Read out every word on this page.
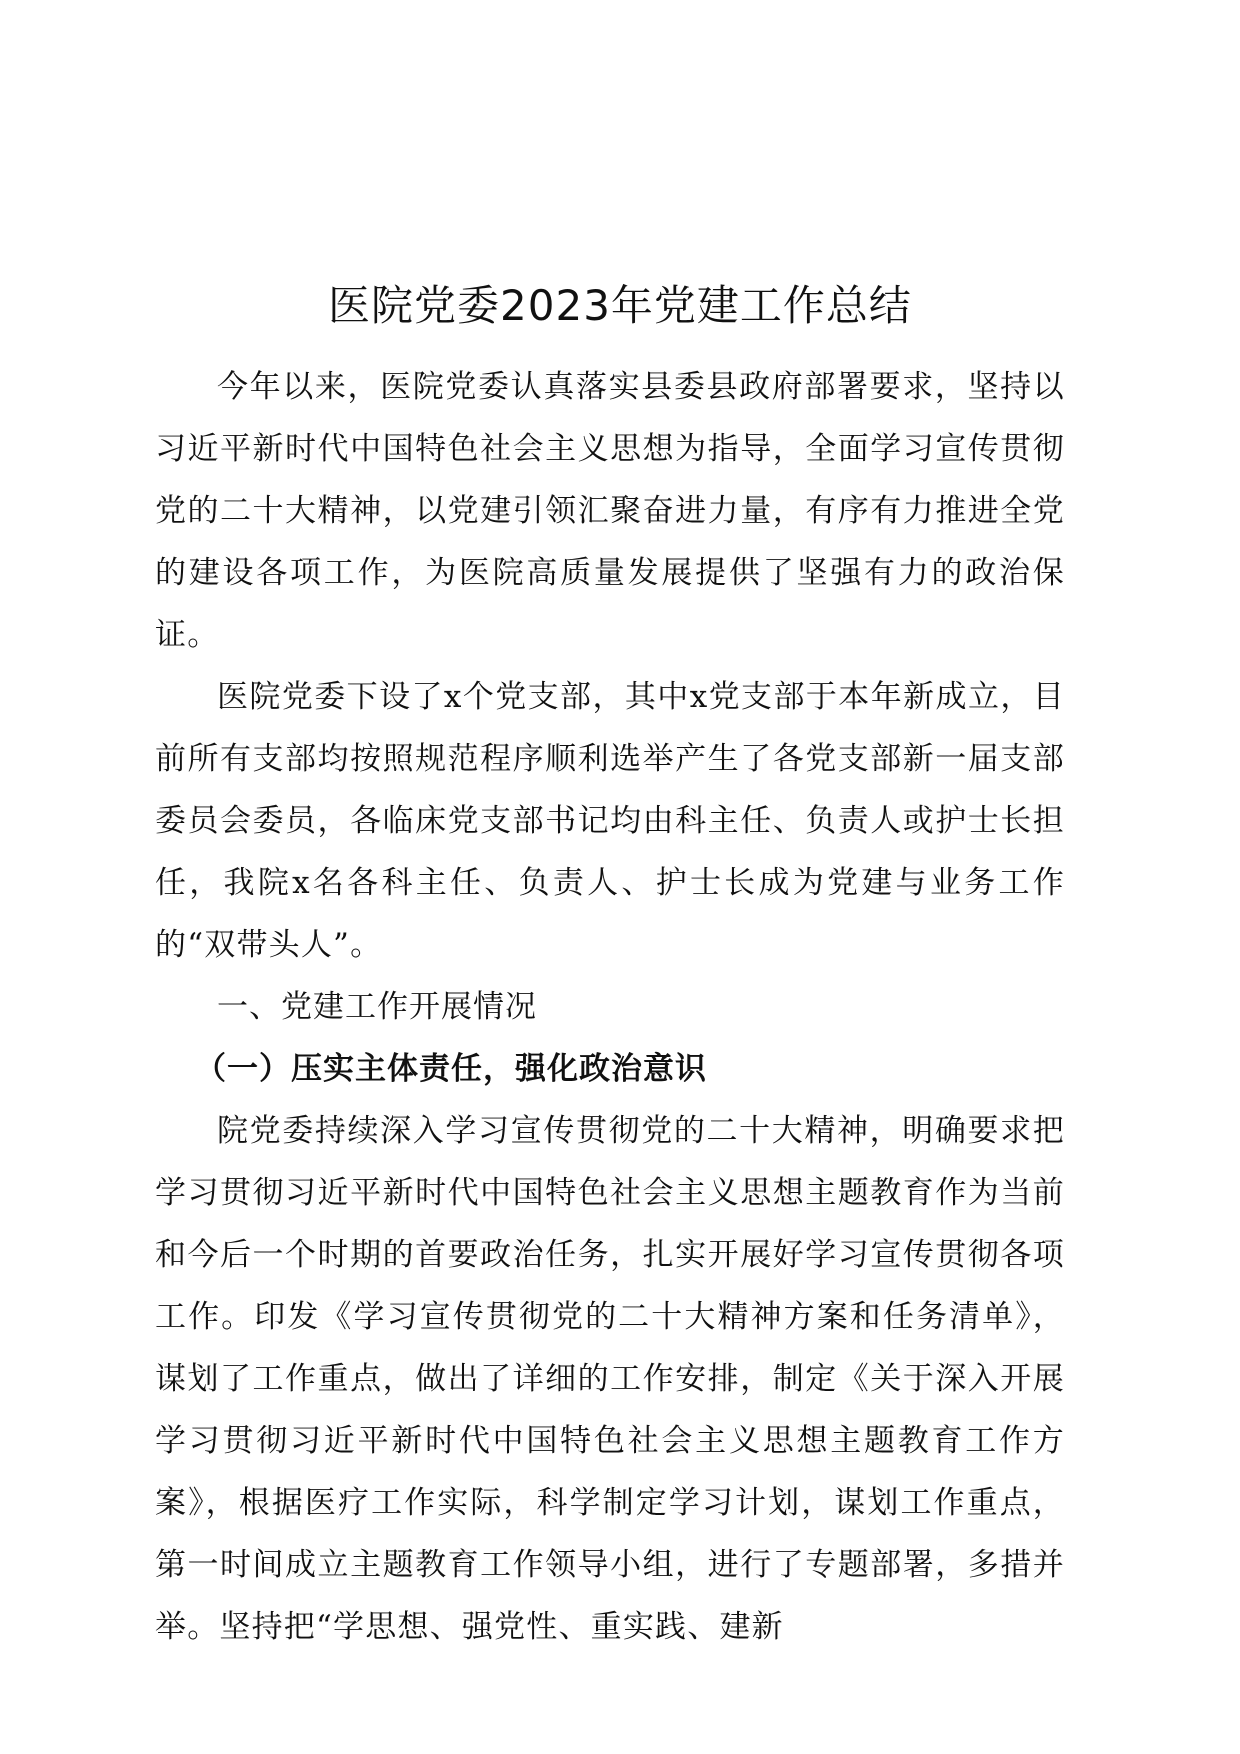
医院党委2023年党建工作总结

今年以来，医院党委认真落实县委县政府部署要求，坚持以习近平新时代中国特色社会主义思想为指导，全面学习宣传贯彻党的二十大精神，以党建引领汇聚奋进力量，有序有力推进全党的建设各项工作，为医院高质量发展提供了坚强有力的政治保证。

医院党委下设了x个党支部，其中x党支部于本年新成立，目前所有支部均按照规范程序顺利选举产生了各党支部新一届支部委员会委员，各临床党支部书记均由科主任、负责人或护士长担任，我院x名各科主任、负责人、护士长成为党建与业务工作的“双带头人”。

一、党建工作开展情况

（一）压实主体责任，强化政治意识

院党委持续深入学习宣传贯彻党的二十大精神，明确要求把学习贯彻习近平新时代中国特色社会主义思想主题教育作为当前和今后一个时期的首要政治任务，扎实开展好学习宣传贯彻各项工作。印发《学习宣传贯彻党的二十大精神方案和任务清单》，谋划了工作重点，做出了详细的工作安排，制定《关于深入开展学习贯彻习近平新时代中国特色社会主义思想主题教育工作方案》，根据医疗工作实际，科学制定学习计划，谋划工作重点，第一时间成立主题教育工作领导小组，进行了专题部署，多措并举。坚持把“学思想、强党性、重实践、建新
